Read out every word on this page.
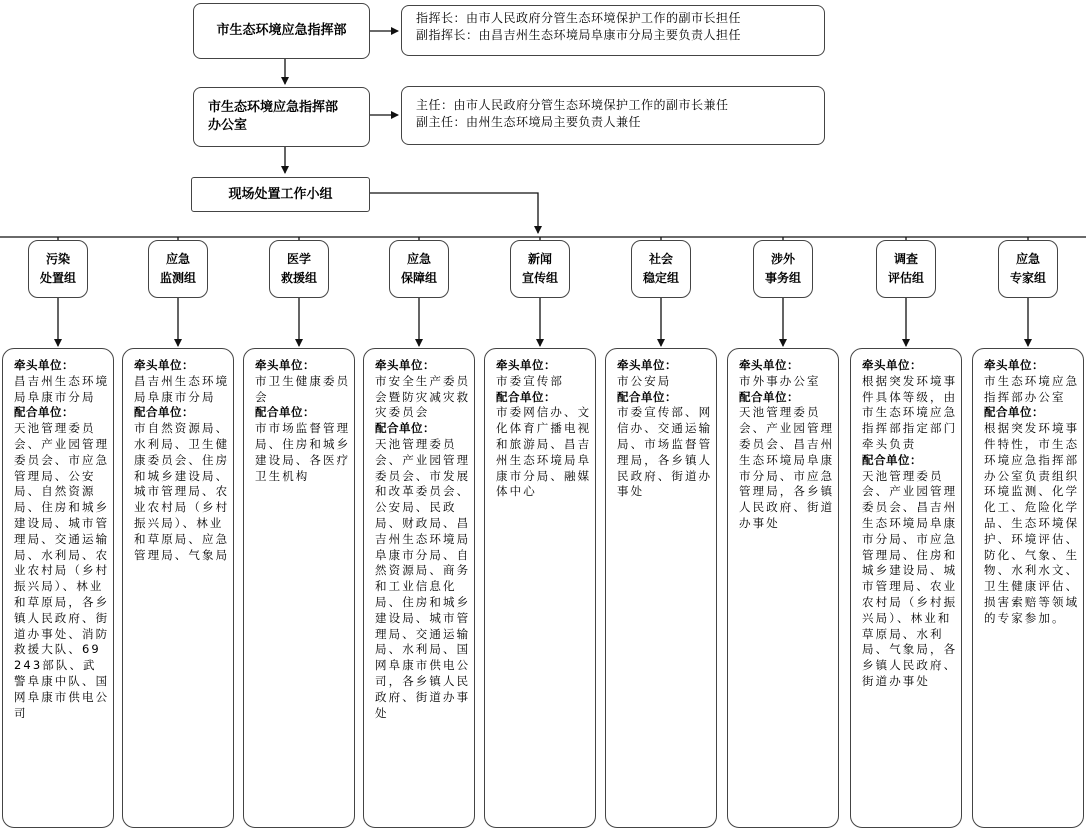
市生态环境应急指挥部
指挥长：由市人民政府分管生态环境保护工作的副市长担任
副指挥长：由昌吉州生态环境局阜康市分局主要负责人担任
市生态环境应急指挥部
办公室
主任：由市人民政府分管生态环境保护工作的副市长兼任
副主任：由州生态环境局主要负责人兼任
现场处置工作小组
污染
处置组
应急
监测组
医学
救援组
应急
保障组
新闻
宣传组
社会
稳定组
涉外
事务组
调查
评估组
应急
专家组
牵头单位：
昌吉州生态环境局阜康市分局
配合单位：
天池管理委员会、产业园管理委员会、市应急管理局、公安局、自然资源局、住房和城乡建设局、城市管理局、交通运输局、水利局、农业农村局（乡村振兴局）、林业和草原局，各乡镇人民政府、街道办事处、消防救援大队、69243部队、武警阜康中队、国网阜康市供电公司
牵头单位：
昌吉州生态环境局阜康市分局
配合单位：
市自然资源局、水利局、卫生健康委员会、住房和城乡建设局、城市管理局、农业农村局（乡村振兴局）、林业和草原局、应急管理局、气象局
牵头单位：
市卫生健康委员会
配合单位：
市市场监督管理局、住房和城乡建设局、各医疗卫生机构
牵头单位：
市安全生产委员会暨防灾减灾救灾委员会
配合单位：
天池管理委员会、产业园管理委员会、市发展和改革委员会、公安局、民政局、财政局、昌吉州生态环境局阜康市分局、自然资源局、商务和工业信息化局、住房和城乡建设局、城市管理局、交通运输局、水利局、国网阜康市供电公司，各乡镇人民政府、街道办事处
牵头单位：
市委宣传部
配合单位：
市委网信办、文化体育广播电视和旅游局、昌吉州生态环境局阜康市分局、融媒体中心
牵头单位：
市公安局
配合单位：
市委宣传部、网信办、交通运输局、市场监督管理局，各乡镇人民政府、街道办事处
牵头单位：
市外事办公室
配合单位：
天池管理委员会、产业园管理委员会、昌吉州生态环境局阜康市分局、市应急管理局，各乡镇人民政府、街道办事处
牵头单位：
根据突发环境事件具体等级，由市生态环境应急指挥部指定部门牵头负责
配合单位：
天池管理委员会、产业园管理委员会、昌吉州生态环境局阜康市分局、市应急管理局、住房和城乡建设局、城市管理局、农业农村局（乡村振兴局）、林业和草原局、水利局、气象局，各乡镇人民政府、街道办事处
牵头单位：
市生态环境应急指挥部办公室
配合单位：
根据突发环境事件特性，市生态环境应急指挥部办公室负责组织环境监测、化学化工、危险化学品、生态环境保护、环境评估、防化、气象、生物、水利水文、卫生健康评估、损害索赔等领域的专家参加。
